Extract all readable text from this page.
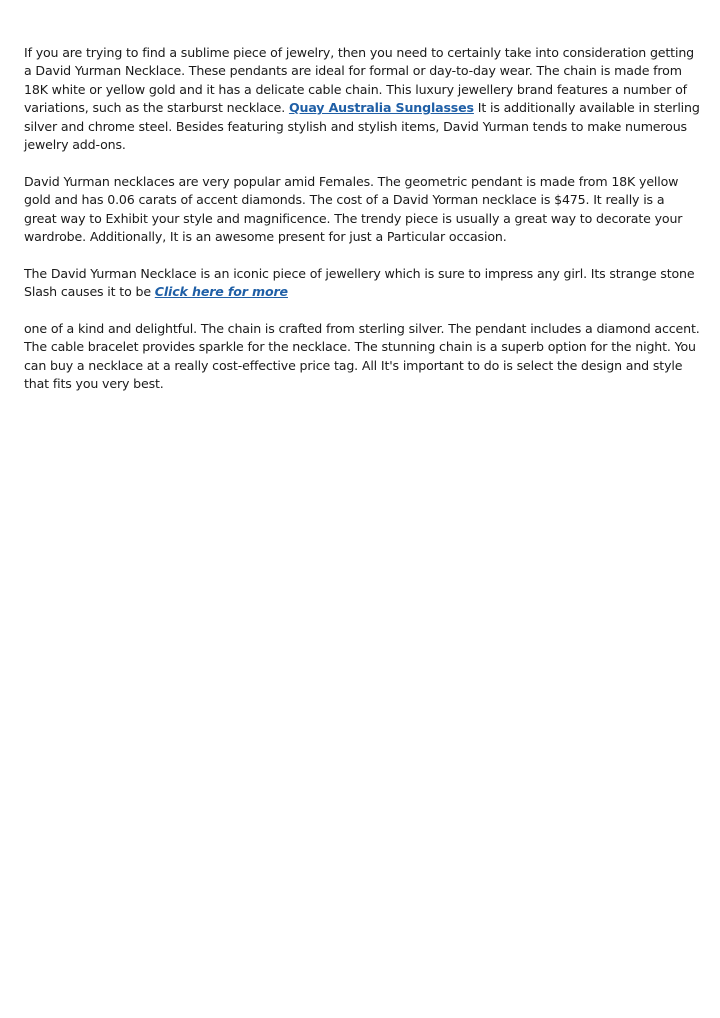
If you are trying to find a sublime piece of jewelry, then you need to certainly take into consideration getting a David Yurman Necklace. These pendants are ideal for formal or day-to-day wear. The chain is made from 18K white or yellow gold and it has a delicate cable chain. This luxury jewellery brand features a number of variations, such as the starburst necklace. Quay Australia Sunglasses It is additionally available in sterling silver and chrome steel. Besides featuring stylish and stylish items, David Yurman tends to make numerous jewelry add-ons.

David Yurman necklaces are very popular amid Females. The geometric pendant is made from 18K yellow gold and has 0.06 carats of accent diamonds. The cost of a David Yorman necklace is $475. It really is a great way to Exhibit your style and magnificence. The trendy piece is usually a great way to decorate your wardrobe. Additionally, It is an awesome present for just a Particular occasion.

The David Yurman Necklace is an iconic piece of jewellery which is sure to impress any girl. Its strange stone Slash causes it to be Click here for more

one of a kind and delightful. The chain is crafted from sterling silver. The pendant includes a diamond accent. The cable bracelet provides sparkle for the necklace. The stunning chain is a superb option for the night. You can buy a necklace at a really cost-effective price tag. All It's important to do is select the design and style that fits you very best.
